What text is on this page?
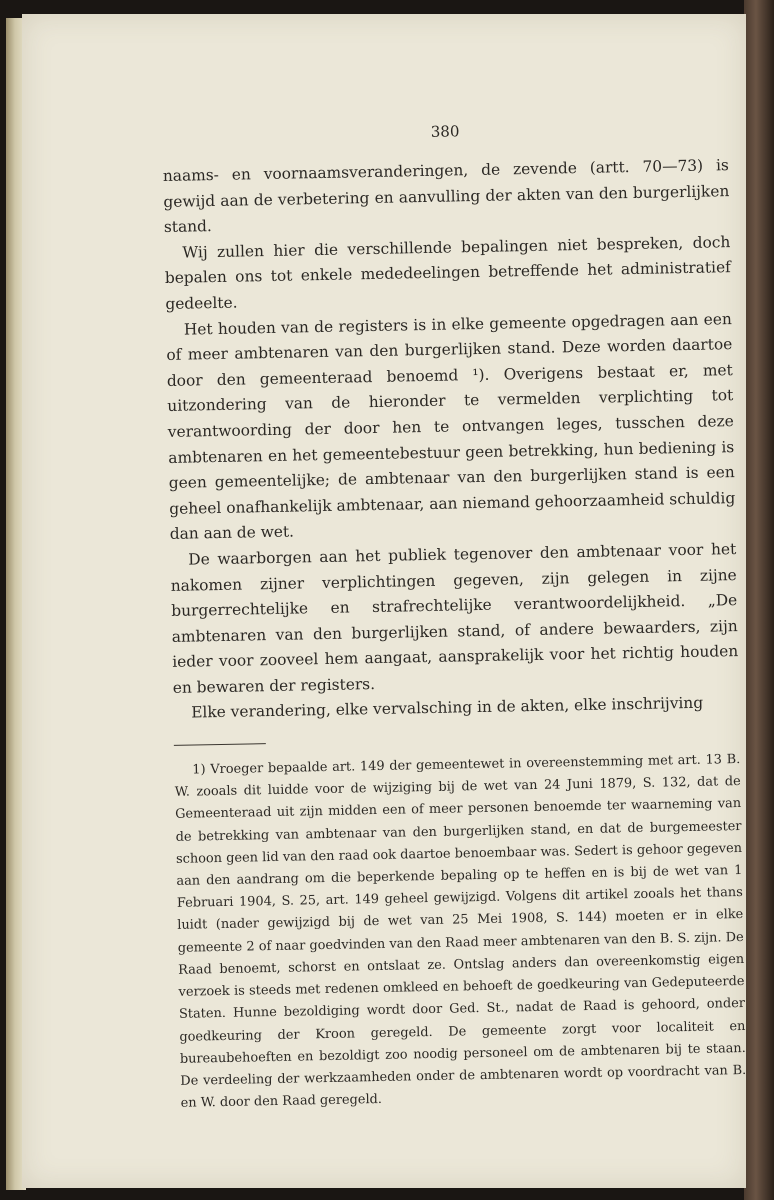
380

naams- en voornaamsveranderingen, de zevende (artt. 70—73) is gewijd aan de verbetering en aanvulling der akten van den burgerlijken stand.

Wij zullen hier die verschillende bepalingen niet bespreken, doch bepalen ons tot enkele mededeelingen betreffende het administratief gedeelte.

Het houden van de registers is in elke gemeente opgedragen aan een of meer ambtenaren van den burgerlijken stand. Deze worden daartoe door den gemeenteraad benoemd ¹). Overigens bestaat er, met uitzondering van de hieronder te vermelden verplichting tot verantwoording der door hen te ontvangen leges, tusschen deze ambtenaren en het gemeentebestuur geen betrekking, hun bediening is geen gemeentelijke; de ambtenaar van den burgerlijken stand is een geheel onafhankelijk ambtenaar, aan niemand gehoorzaamheid schuldig dan aan de wet.

De waarborgen aan het publiek tegenover den ambtenaar voor het nakomen zijner verplichtingen gegeven, zijn gelegen in zijne burgerrechtelijke en strafrechtelijke verantwoordelijkheid. „De ambtenaren van den burgerlijken stand, of andere bewaarders, zijn ieder voor zooveel hem aangaat, aansprakelijk voor het richtig houden en bewaren der registers.

Elke verandering, elke vervalsching in de akten, elke inschrijving

1) Vroeger bepaalde art. 149 der gemeentewet in overeenstemming met art. 13 B. W. zooals dit luidde voor de wijziging bij de wet van 24 Juni 1879, S. 132, dat de Gemeenteraad uit zijn midden een of meer personen benoemde ter waarneming van de betrekking van ambtenaar van den burgerlijken stand, en dat de burgemeester schoon geen lid van den raad ook daartoe benoembaar was. Sedert is gehoor gegeven aan den aandrang om die beperkende bepaling op te heffen en is bij de wet van 1 Februari 1904, S. 25, art. 149 geheel gewijzigd. Volgens dit artikel zooals het thans luidt (nader gewijzigd bij de wet van 25 Mei 1908, S. 144) moeten er in elke gemeente 2 of naar goedvinden van den Raad meer ambtenaren van den B. S. zijn. De Raad benoemt, schorst en ontslaat ze. Ontslag anders dan overeenkomstig eigen verzoek is steeds met redenen omkleed en behoeft de goedkeuring van Gedeputeerde Staten. Hunne bezoldiging wordt door Ged. St., nadat de Raad is gehoord, onder goedkeuring der Kroon geregeld. De gemeente zorgt voor localiteit en bureaubehoeften en bezoldigt zoo noodig personeel om de ambtenaren bij te staan. De verdeeling der werkzaamheden onder de ambtenaren wordt op voordracht van B. en W. door den Raad geregeld.
